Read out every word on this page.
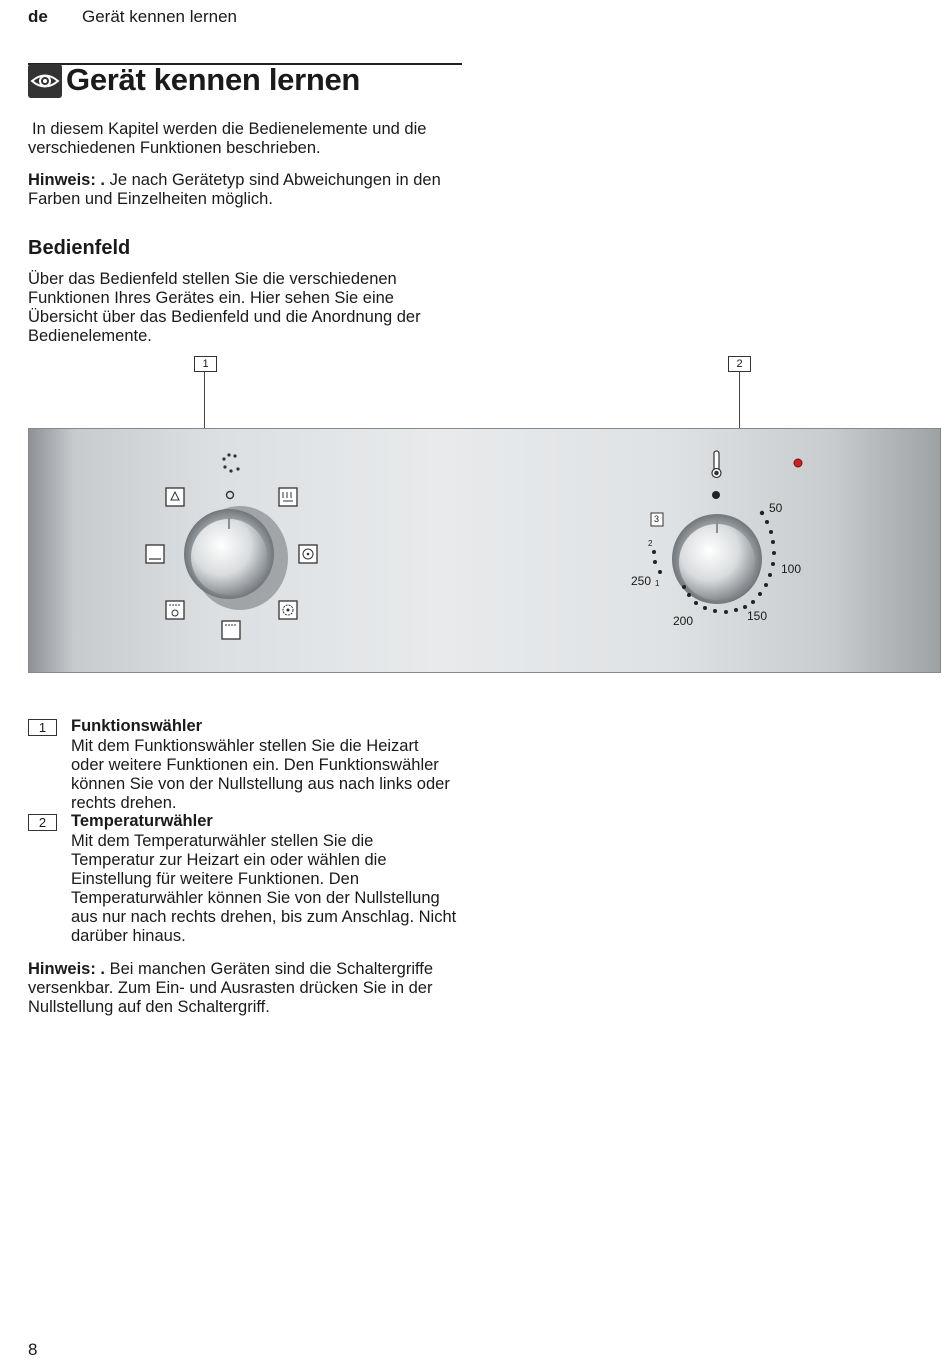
de Gerät kennen lernen
Gerät kennen lernen
In diesem Kapitel werden die Bedienelemente und die verschiedenen Funktionen beschrieben.
Hinweis: . Je nach Gerätetyp sind Abweichungen in den Farben und Einzelheiten möglich.
Bedienfeld
Über das Bedienfeld stellen Sie die verschiedenen Funktionen Ihres Gerätes ein. Hier sehen Sie eine Übersicht über das Bedienfeld und die Anordnung der Bedienelemente.
1	2
50
100
150
200
250 1
2
3
1	Funktionswähler
Mit dem Funktionswähler stellen Sie die Heizart oder weitere Funktionen ein. Den Funktionswähler können Sie von der Nullstellung aus nach links oder rechts drehen.
2	Temperaturwähler
Mit dem Temperaturwähler stellen Sie die Temperatur zur Heizart ein oder wählen die Einstellung für weitere Funktionen. Den Temperaturwähler können Sie von der Nullstellung aus nur nach rechts drehen, bis zum Anschlag. Nicht darüber hinaus.
Hinweis: . Bei manchen Geräten sind die Schaltergriffe versenkbar. Zum Ein- und Ausrasten drücken Sie in der Nullstellung auf den Schaltergriff.
8
